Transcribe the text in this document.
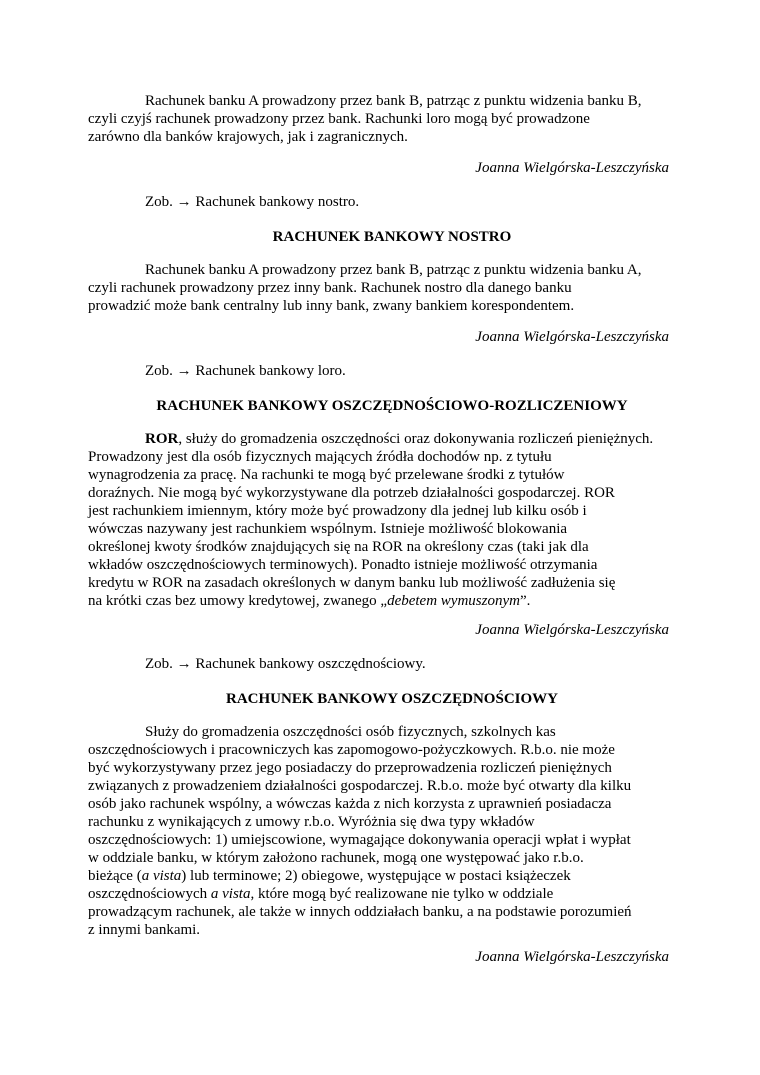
Rachunek banku A prowadzony przez bank B, patrząc z punktu widzenia banku B,
czyli czyjś rachunek prowadzony przez bank. Rachunki loro mogą być prowadzone
zarówno dla banków krajowych, jak i zagranicznych.

Joanna Wielgórska-Leszczyńska

Zob. → Rachunek bankowy nostro.

RACHUNEK BANKOWY NOSTRO

Rachunek banku A prowadzony przez bank B, patrząc z punktu widzenia banku A,
czyli rachunek prowadzony przez inny bank. Rachunek nostro dla danego banku
prowadzić może bank centralny lub inny bank, zwany bankiem korespondentem.

Joanna Wielgórska-Leszczyńska

Zob. → Rachunek bankowy loro.

RACHUNEK BANKOWY OSZCZĘDNOŚCIOWO-ROZLICZENIOWY

ROR, służy do gromadzenia oszczędności oraz dokonywania rozliczeń pieniężnych.
Prowadzony jest dla osób fizycznych mających źródła dochodów np. z tytułu
wynagrodzenia za pracę. Na rachunki te mogą być przelewane środki z tytułów
doraźnych. Nie mogą być wykorzystywane dla potrzeb działalności gospodarczej. ROR
jest rachunkiem imiennym, który może być prowadzony dla jednej lub kilku osób i
wówczas nazywany jest rachunkiem wspólnym. Istnieje możliwość blokowania
określonej kwoty środków znajdujących się na ROR na określony czas (taki jak dla
wkładów oszczędnościowych terminowych). Ponadto istnieje możliwość otrzymania
kredytu w ROR na zasadach określonych w danym banku lub możliwość zadłużenia się
na krótki czas bez umowy kredytowej, zwanego „debetem wymuszonym”.

Joanna Wielgórska-Leszczyńska

Zob. → Rachunek bankowy oszczędnościowy.

RACHUNEK BANKOWY OSZCZĘDNOŚCIOWY

Służy do gromadzenia oszczędności osób fizycznych, szkolnych kas
oszczędnościowych i pracowniczych kas zapomogowo-pożyczkowych. R.b.o. nie może
być wykorzystywany przez jego posiadaczy do przeprowadzenia rozliczeń pieniężnych
związanych z prowadzeniem działalności gospodarczej. R.b.o. może być otwarty dla kilku
osób jako rachunek wspólny, a wówczas każda z nich korzysta z uprawnień posiadacza
rachunku z wynikających z umowy r.b.o. Wyróżnia się dwa typy wkładów
oszczędnościowych: 1) umiejscowione, wymagające dokonywania operacji wpłat i wypłat
w oddziale banku, w którym założono rachunek, mogą one występować jako r.b.o.
bieżące (a vista) lub terminowe; 2) obiegowe, występujące w postaci książeczek
oszczędnościowych a vista, które mogą być realizowane nie tylko w oddziale
prowadzącym rachunek, ale także w innych oddziałach banku, a na podstawie porozumień
z innymi bankami.

Joanna Wielgórska-Leszczyńska
